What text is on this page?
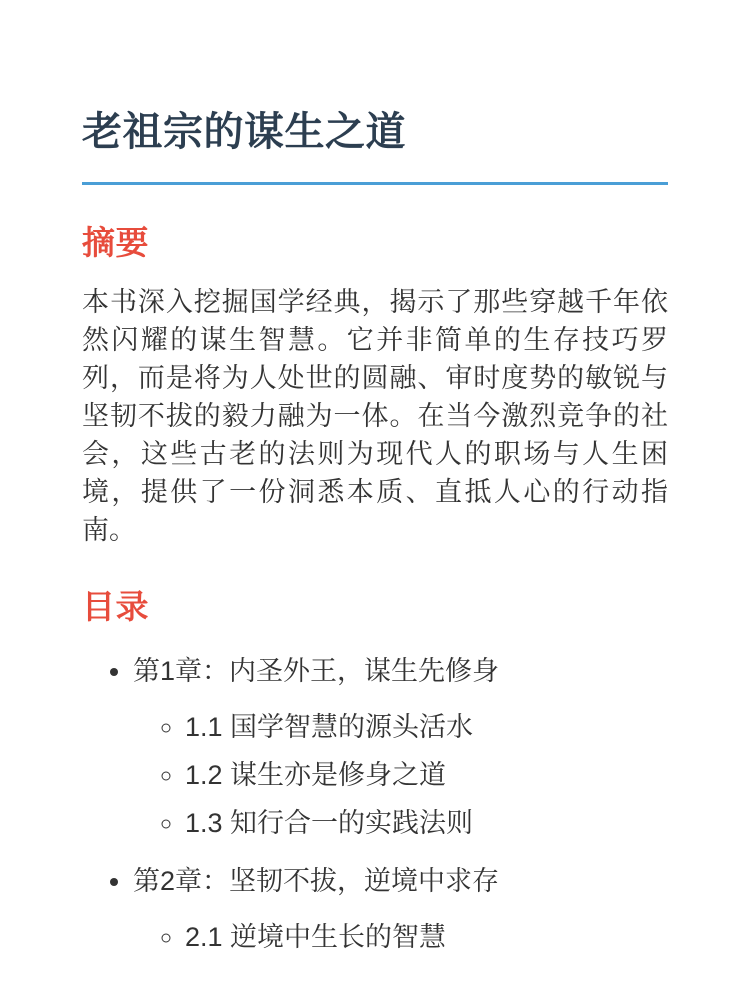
老祖宗的谋生之道
摘要

本书深入挖掘国学经典，揭示了那些穿越千年依然闪耀的谋生智慧。它并非简单的生存技巧罗列，而是将为人处世的圆融、审时度势的敏锐与坚韧不拔的毅力融为一体。在当今激烈竞争的社会，这些古老的法则为现代人的职场与人生困境，提供了一份洞悉本质、直抵人心的行动指南。

目录
• 第1章：内圣外王，谋生先修身
◦ 1.1 国学智慧的源头活水
◦ 1.2 谋生亦是修身之道
◦ 1.3 知行合一的实践法则
• 第2章：坚韧不拔，逆境中求存
◦ 2.1 逆境中生长的智慧
